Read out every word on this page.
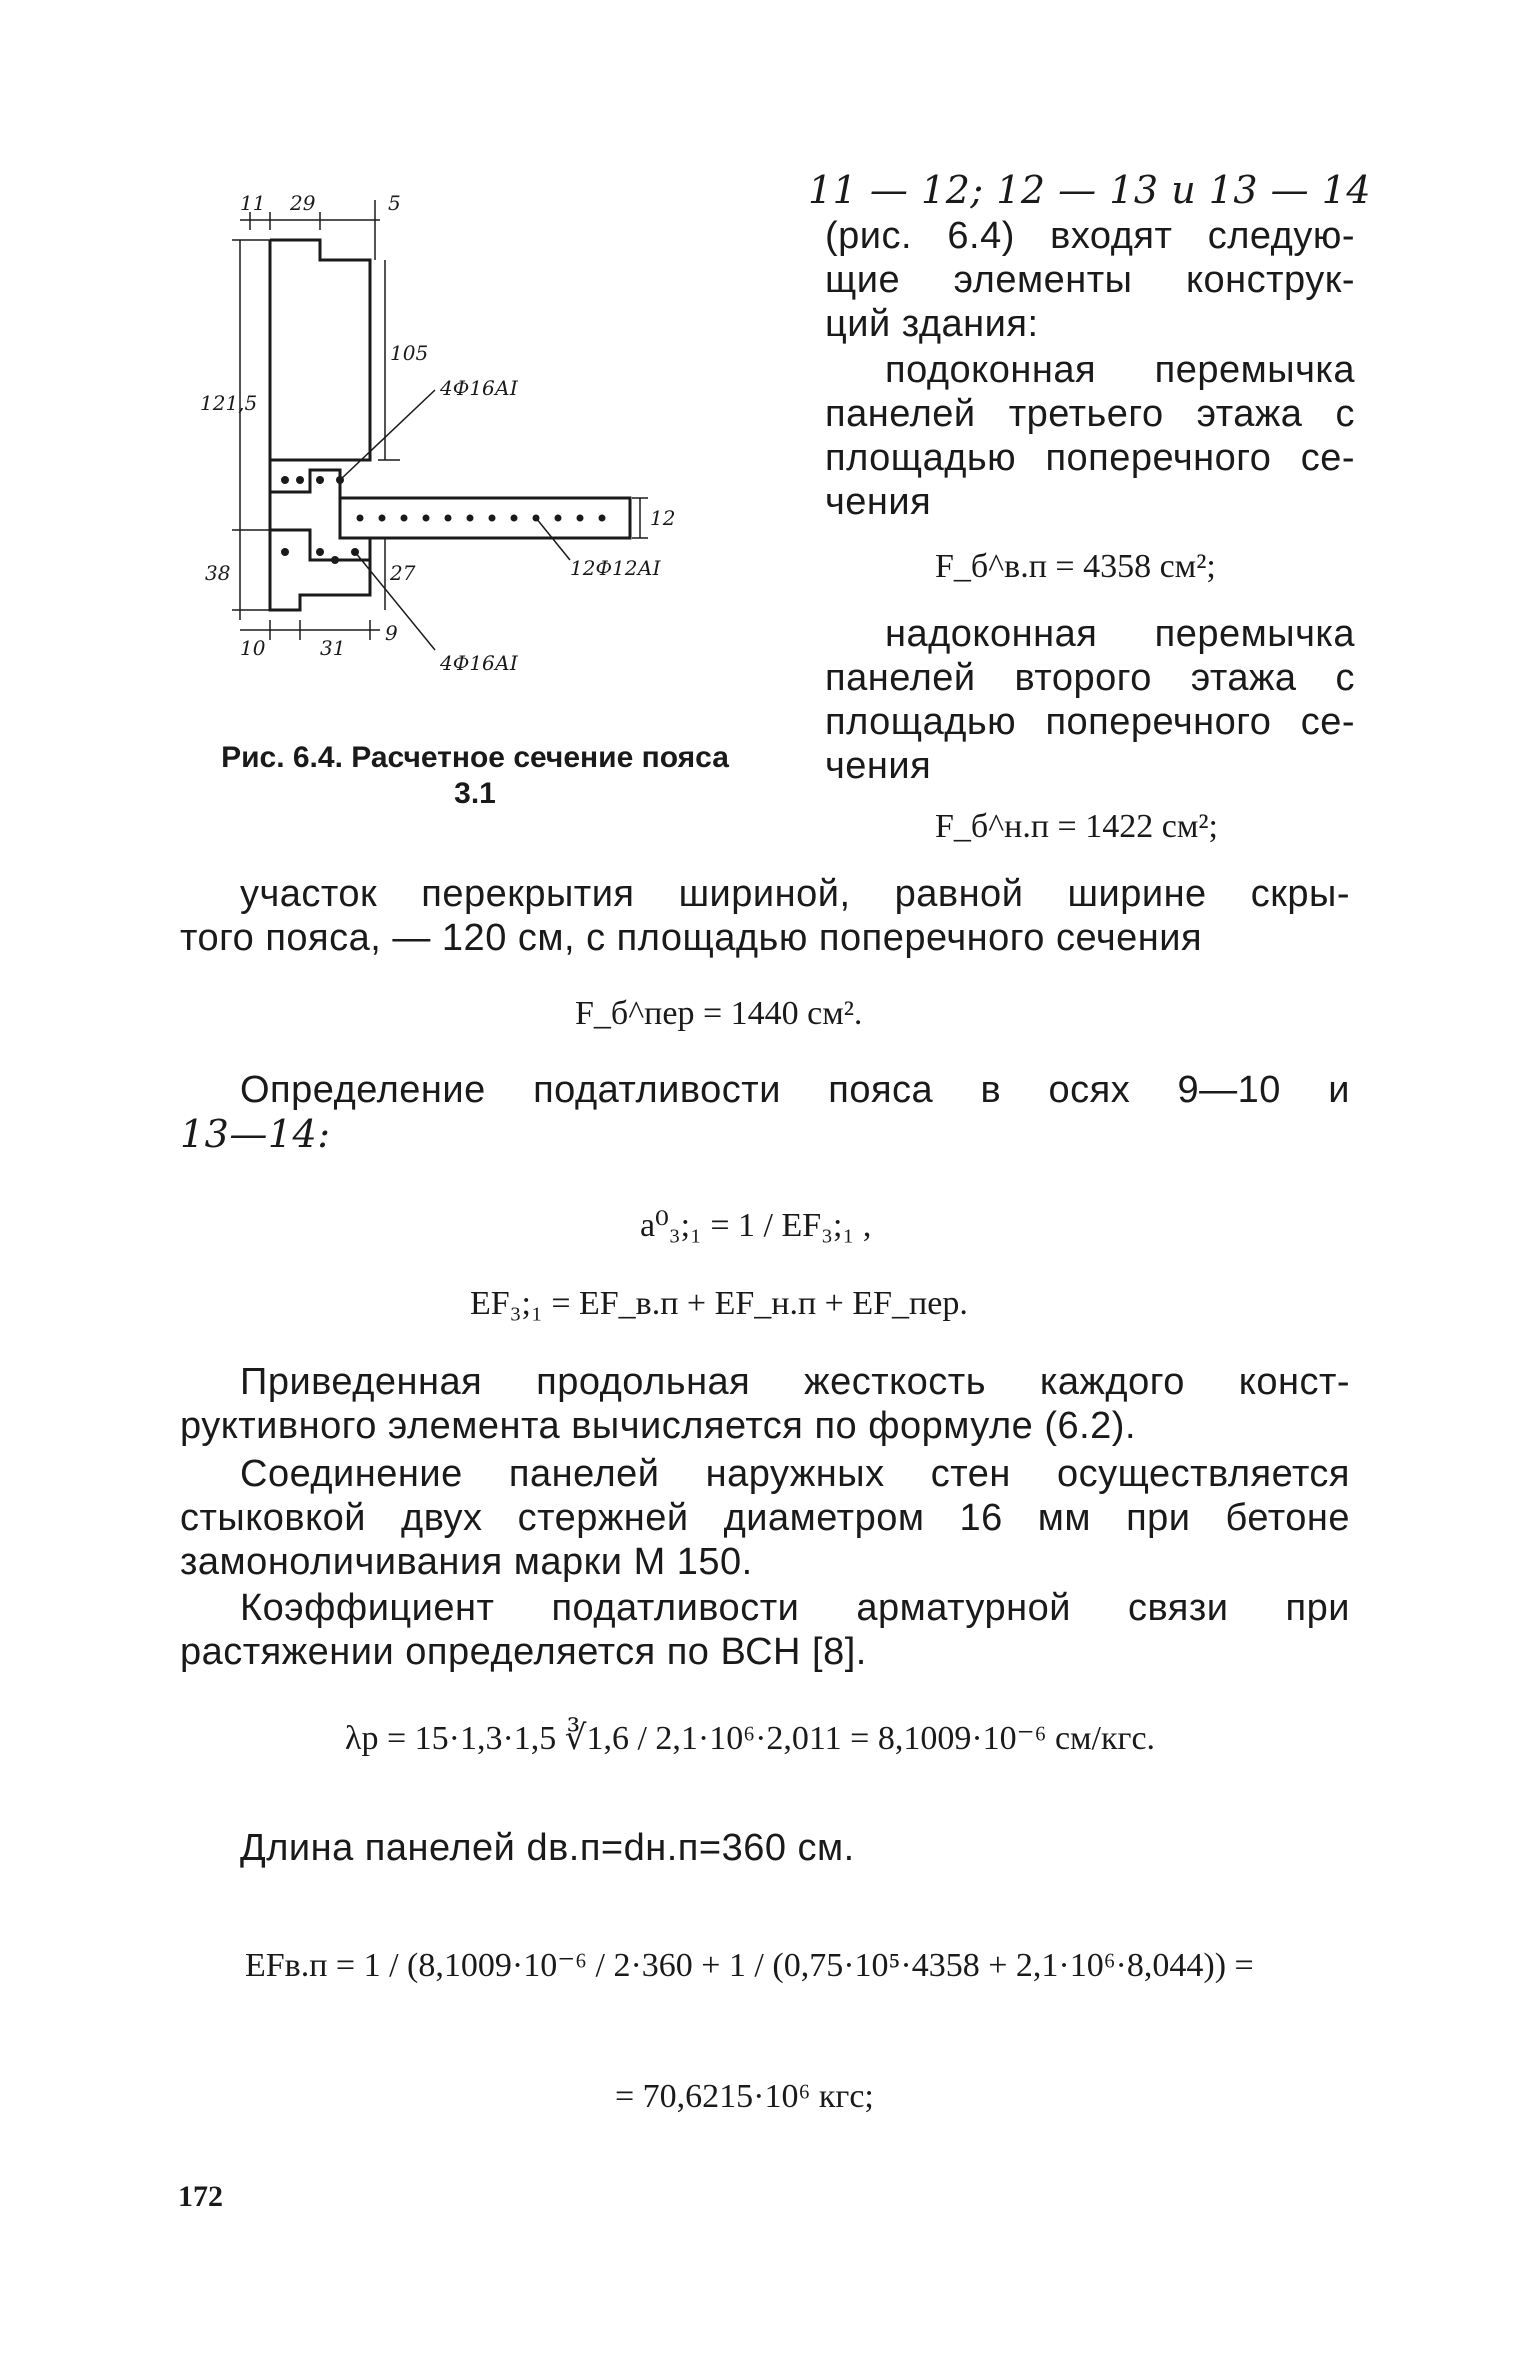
11 29	5
121,5
105
12
38	27
10	31
9
4Ф16АI
12Ф12АI
4Ф16АI
Рис. 6.4. Расчетное сечение пояса
3.1
11 — 12; 12 — 13 и 13 — 14
(рис. 6.4) входят следую-
щие элементы конструк-
ций здания:
подоконная перемычка
панелей третьего этажа с
площадью поперечного се-
чения
F_б^в.п = 4358 см²;
надоконная перемычка
панелей второго этажа с
площадью поперечного се-
чения
F_б^н.п = 1422 см²;
участок перекрытия шириной, равной ширине скры-
того пояса, — 120 см, с площадью поперечного сечения
F_б^пер = 1440 см².
Определение податливости пояса в осях 9—10 и
13—14:
a⁰₃;₁ = 1 / EF₃;₁ ,
EF₃;₁ = EF_в.п + EF_н.п + EF_пер.
Приведенная продольная жесткость каждого конст-
руктивного элемента вычисляется по формуле (6.2).
Соединение панелей наружных стен осуществляется
стыковкой двух стержней диаметром 16 мм при бетоне
замоноличивания марки М 150.
Коэффициент податливости арматурной связи при
растяжении определяется по ВСН [8].
λр = 15·1,3·1,5 ∛1,6 / 2,1·10⁶·2,011 = 8,1009·10⁻⁶ см/кгс.
Длина панелей dв.п=dн.п=360 см.
EFв.п = 1 / (8,1009·10⁻⁶ / 2·360 + 1 / (0,75·10⁵·4358 + 2,1·10⁶·8,044)) =
= 70,6215·10⁶ кгс;
172
